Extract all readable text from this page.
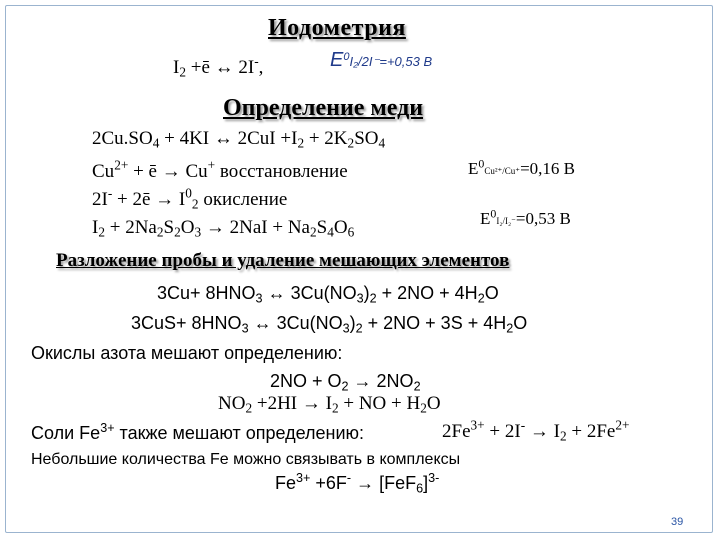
Иодометрия
$I_2$ +ē ↔ 2I-,	$E^0I_2/2I^-=+0,53$ В
Определение меди
$2Cu.SO_4 + 4KI$ ↔ $2CuI +I_2 + 2K_2SO_4$
$Cu^{2+}$ + ē → Cu+ восстановление
2I- + 2ē → $I^0_2$ окисление
$I_2 + 2Na_2S_2O_3 \to 2NaI + Na_2S_4O_6$
$E^0Cu^{2+}/Cu^+=0,16$ В
$E^0I_2/I_2^-=0,53$ В
Разложение пробы и удаление мешающих элементов
$3Cu+ 8HNO_3$ ↔ $3Cu(NO_3)_2 + 2NO + 4H_2O$
$3CuS+ 8HNO_3$ ↔ $3Cu(NO_3)_2 + 2NO + 3S + 4H_2O$
Окислы азота мешают определению:
$2NO + O_2 \to 2NO_2$
$NO_2 +2HI \to I_2$ + NO + $H_2O$
Соли $Fe^{3+}$ также мешают определению:	$2Fe^{3+} + 2I^- \to I_2 + 2Fe^{2+}$
Небольшие количества Fe можно связывать в комплексы
$Fe^{3+} +6F^- \to [FeF_6]^{3-}$
39
